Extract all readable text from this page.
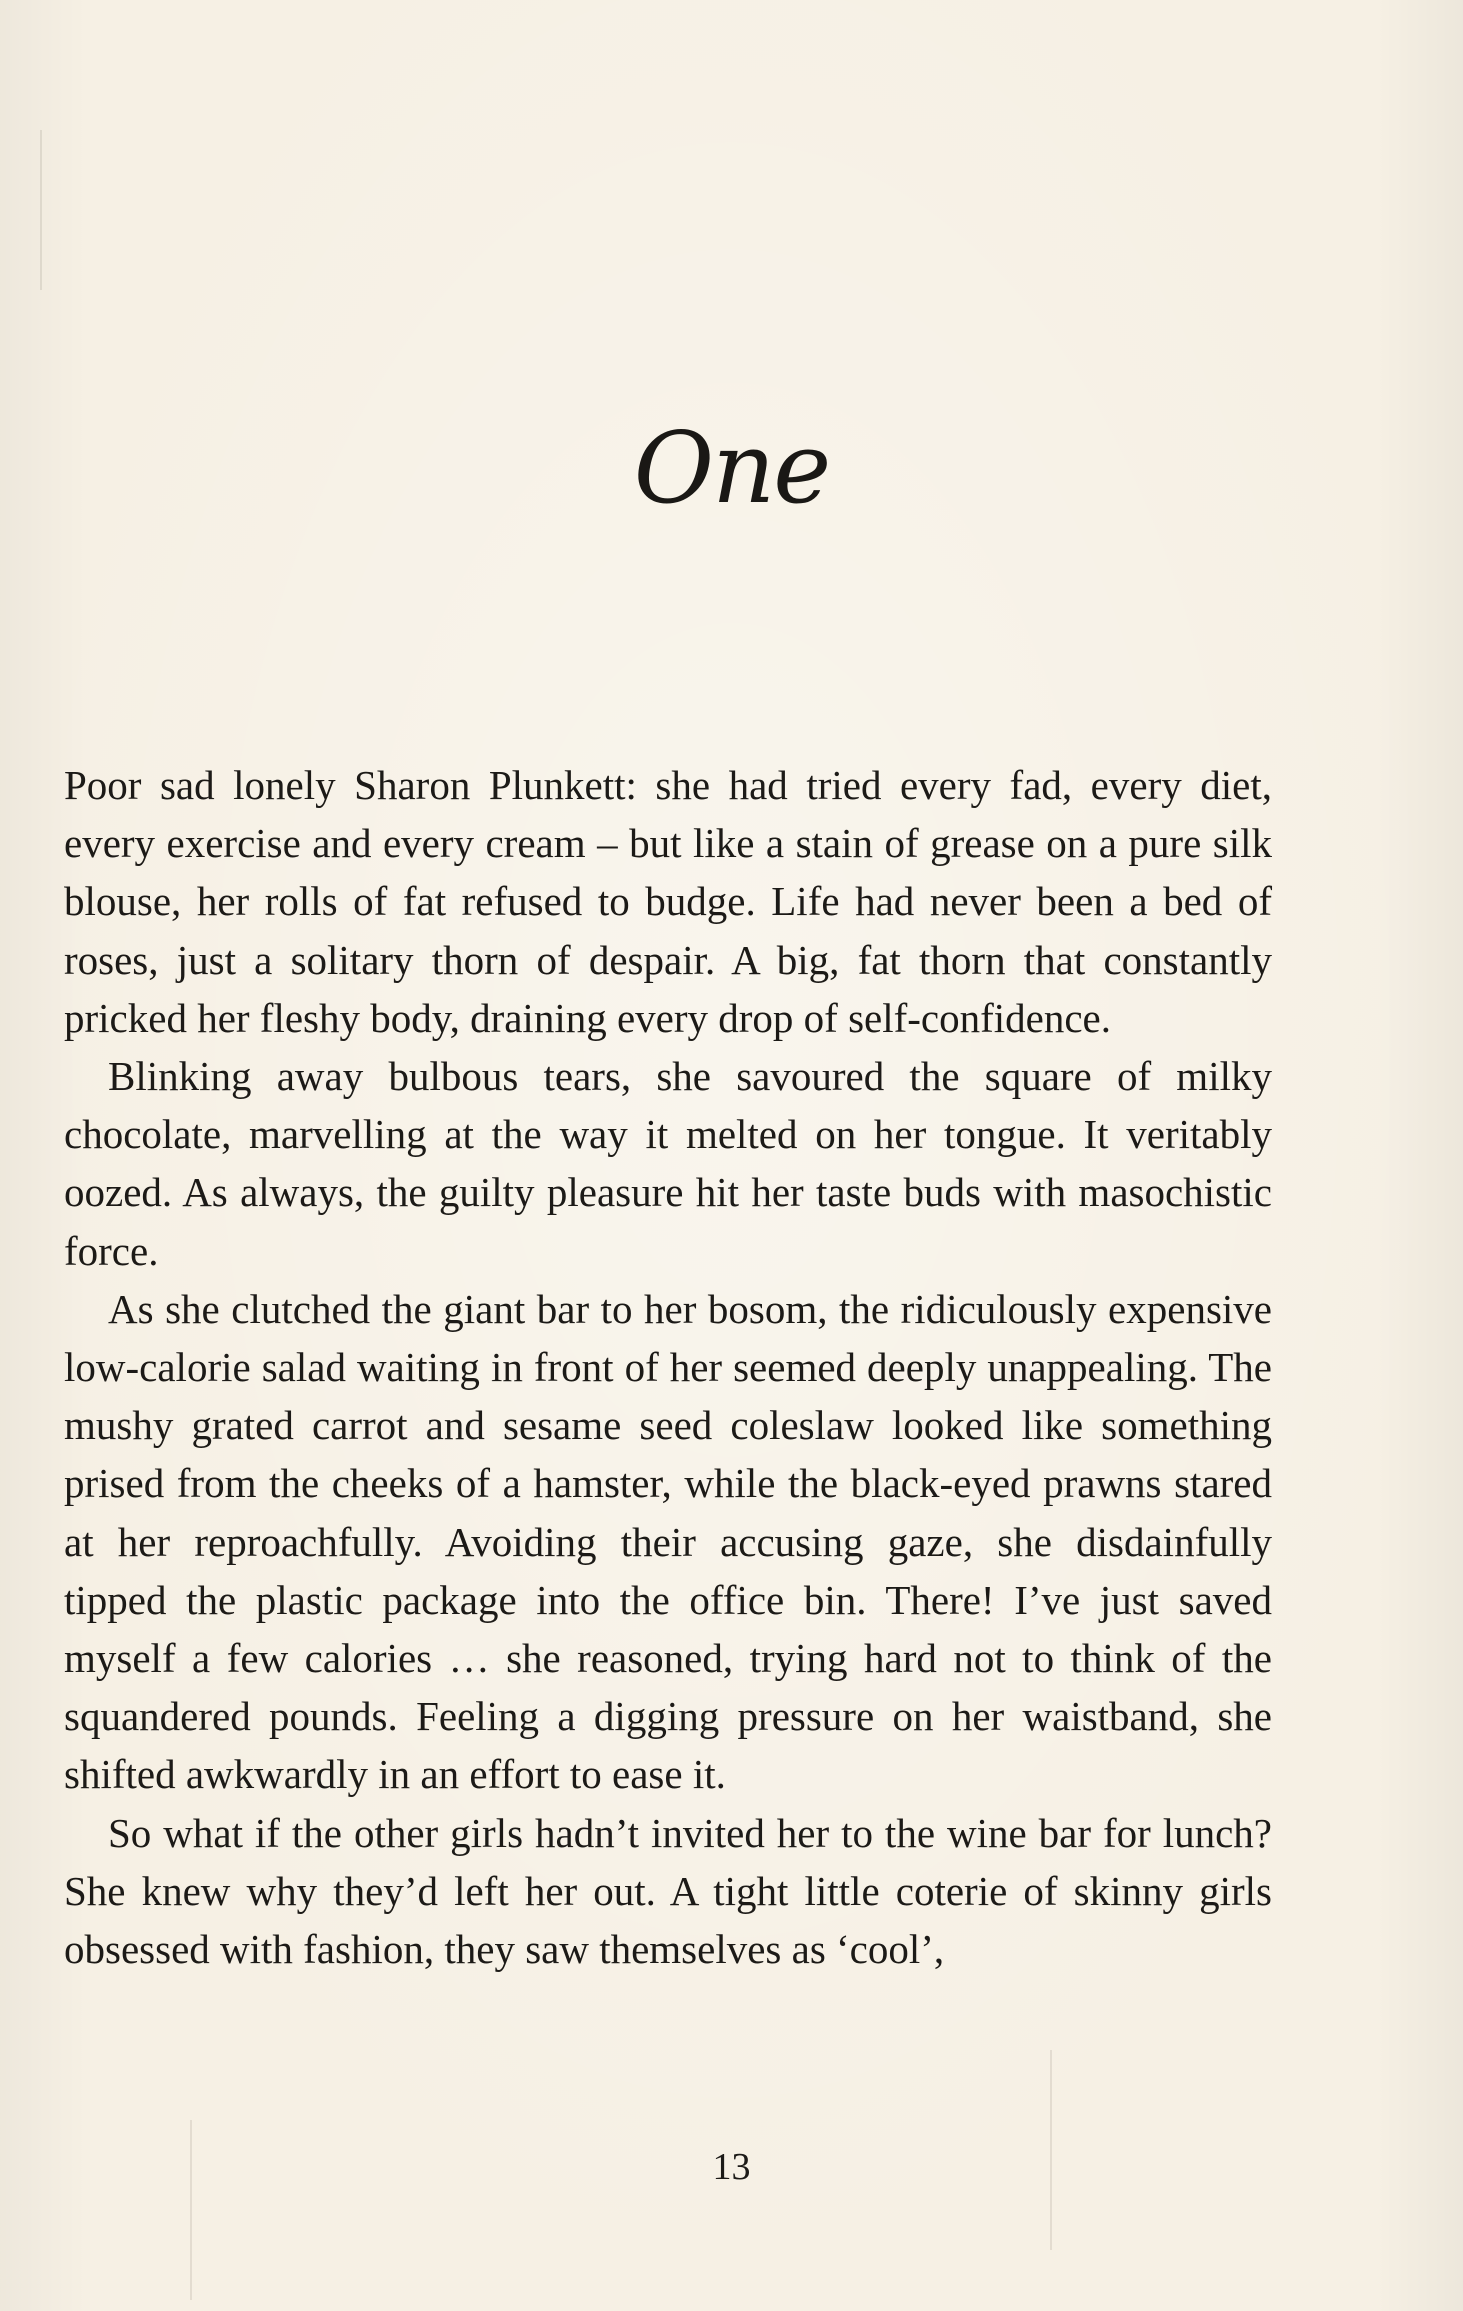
One

Poor sad lonely Sharon Plunkett: she had tried every fad, every diet, every exercise and every cream – but like a stain of grease on a pure silk blouse, her rolls of fat refused to budge. Life had never been a bed of roses, just a solitary thorn of despair. A big, fat thorn that constantly pricked her fleshy body, draining every drop of self-confidence.

Blinking away bulbous tears, she savoured the square of milky chocolate, marvelling at the way it melted on her tongue. It veritably oozed. As always, the guilty pleasure hit her taste buds with masochistic force.

As she clutched the giant bar to her bosom, the ridiculously expensive low-calorie salad waiting in front of her seemed deeply unappealing. The mushy grated carrot and sesame seed coleslaw looked like something prised from the cheeks of a hamster, while the black-eyed prawns stared at her reproachfully. Avoiding their accusing gaze, she disdainfully tipped the plastic package into the office bin. There! I’ve just saved myself a few calories … she reasoned, trying hard not to think of the squandered pounds. Feeling a digging pressure on her waistband, she shifted awkwardly in an effort to ease it.

So what if the other girls hadn’t invited her to the wine bar for lunch? She knew why they’d left her out. A tight little coterie of skinny girls obsessed with fashion, they saw themselves as ‘cool’,

13
